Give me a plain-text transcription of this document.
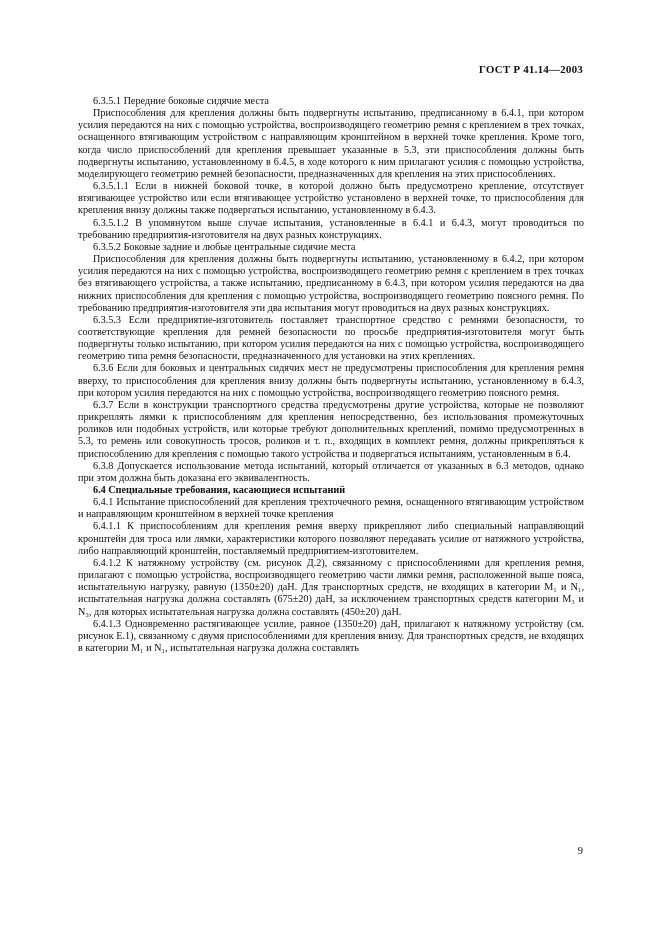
ГОСТ Р 41.14—2003

6.3.5.1 Передние боковые сидячие места

Приспособления для крепления должны быть подвергнуты испытанию, предписанному в 6.4.1, при котором усилия передаются на них с помощью устройства, воспроизводящего геометрию ремня с креплением в трех точках, оснащенного втягивающим устройством с направляющим кронштейном в верхней точке крепления. Кроме того, когда число приспособлений для крепления превышает указанные в 5.3, эти приспособления должны быть подвергнуты испытанию, установленному в 6.4.5, в ходе которого к ним прилагают усилия с помощью устройства, моделирующего геометрию ремней безопасности, предназначенных для крепления на этих приспособлениях.

6.3.5.1.1 Если в нижней боковой точке, в которой должно быть предусмотрено крепление, отсутствует втягивающее устройство или если втягивающее устройство установлено в верхней точке, то приспособления для крепления внизу должны также подвергаться испытанию, установленному в 6.4.3.

6.3.5.1.2 В упомянутом выше случае испытания, установленные в 6.4.1 и 6.4.3, могут проводиться по требованию предприятия-изготовителя на двух разных конструкциях.

6.3.5.2 Боковые задние и любые центральные сидячие места

Приспособления для крепления должны быть подвергнуты испытанию, установленному в 6.4.2, при котором усилия передаются на них с помощью устройства, воспроизводящего геометрию ремня с креплением в трех точках без втягивающего устройства, а также испытанию, предписанному в 6.4.3, при котором усилия передаются на два нижних приспособления для крепления с помощью устройства, воспроизводящего геометрию поясного ремня. По требованию предприятия-изготовителя эти два испытания могут проводиться на двух разных конструкциях.

6.3.5.3 Если предприятие-изготовитель поставляет транспортное средство с ремнями безопасности, то соответствующие крепления для ремней безопасности по просьбе предприятия-изготовителя могут быть подвергнуты только испытанию, при котором усилия передаются на них с помощью устройства, воспроизводящего геометрию типа ремня безопасности, предназначенного для установки на этих креплениях.

6.3.6 Если для боковых и центральных сидячих мест не предусмотрены приспособления для крепления ремня вверху, то приспособления для крепления внизу должны быть подвергнуты испытанию, установленному в 6.4.3, при котором усилия передаются на них с помощью устройства, воспроизводящего геометрию поясного ремня.

6.3.7 Если в конструкции транспортного средства предусмотрены другие устройства, которые не позволяют прикреплять лямки к приспособлениям для крепления непосредственно, без использования промежуточных роликов или подобных устройств, или которые требуют дополнительных креплений, помимо предусмотренных в 5.3, то ремень или совокупность тросов, роликов и т. п., входящих в комплект ремня, должны прикрепляться к приспособлению для крепления с помощью такого устройства и подвергаться испытаниям, установленным в 6.4.

6.3.8 Допускается использование метода испытаний, который отличается от указанных в 6.3 методов, однако при этом должна быть доказана его эквивалентность.

6.4 Специальные требования, касающиеся испытаний

6.4.1 Испытание приспособлений для крепления трехточечного ремня, оснащенного втягивающим устройством и направляющим кронштейном в верхней точке крепления

6.4.1.1 К приспособлениям для крепления ремня вверху прикрепляют либо специальный направляющий кронштейн для троса или лямки, характеристики которого позволяют передавать усилие от натяжного устройства, либо направляющий кронштейн, поставляемый предприятием-изготовителем.

6.4.1.2 К натяжному устройству (см. рисунок Д.2), связанному с приспособлениями для крепления ремня, прилагают с помощью устройства, воспроизводящего геометрию части лямки ремня, расположенной выше пояса, испытательную нагрузку, равную (1350±20) даН. Для транспортных средств, не входящих в категории M₁ и N₁, испытательная нагрузка должна составлять (675±20) даН, за исключением транспортных средств категории M₃ и N₃, для которых испытательная нагрузка должна составлять (450±20) даН.

6.4.1.3 Одновременно растягивающее усилие, равное (1350±20) даН, прилагают к натяжному устройству (см. рисунок Е.1), связанному с двумя приспособлениями для крепления внизу. Для транспортных средств, не входящих в категории M₁ и N₁, испытательная нагрузка должна составлять

9
